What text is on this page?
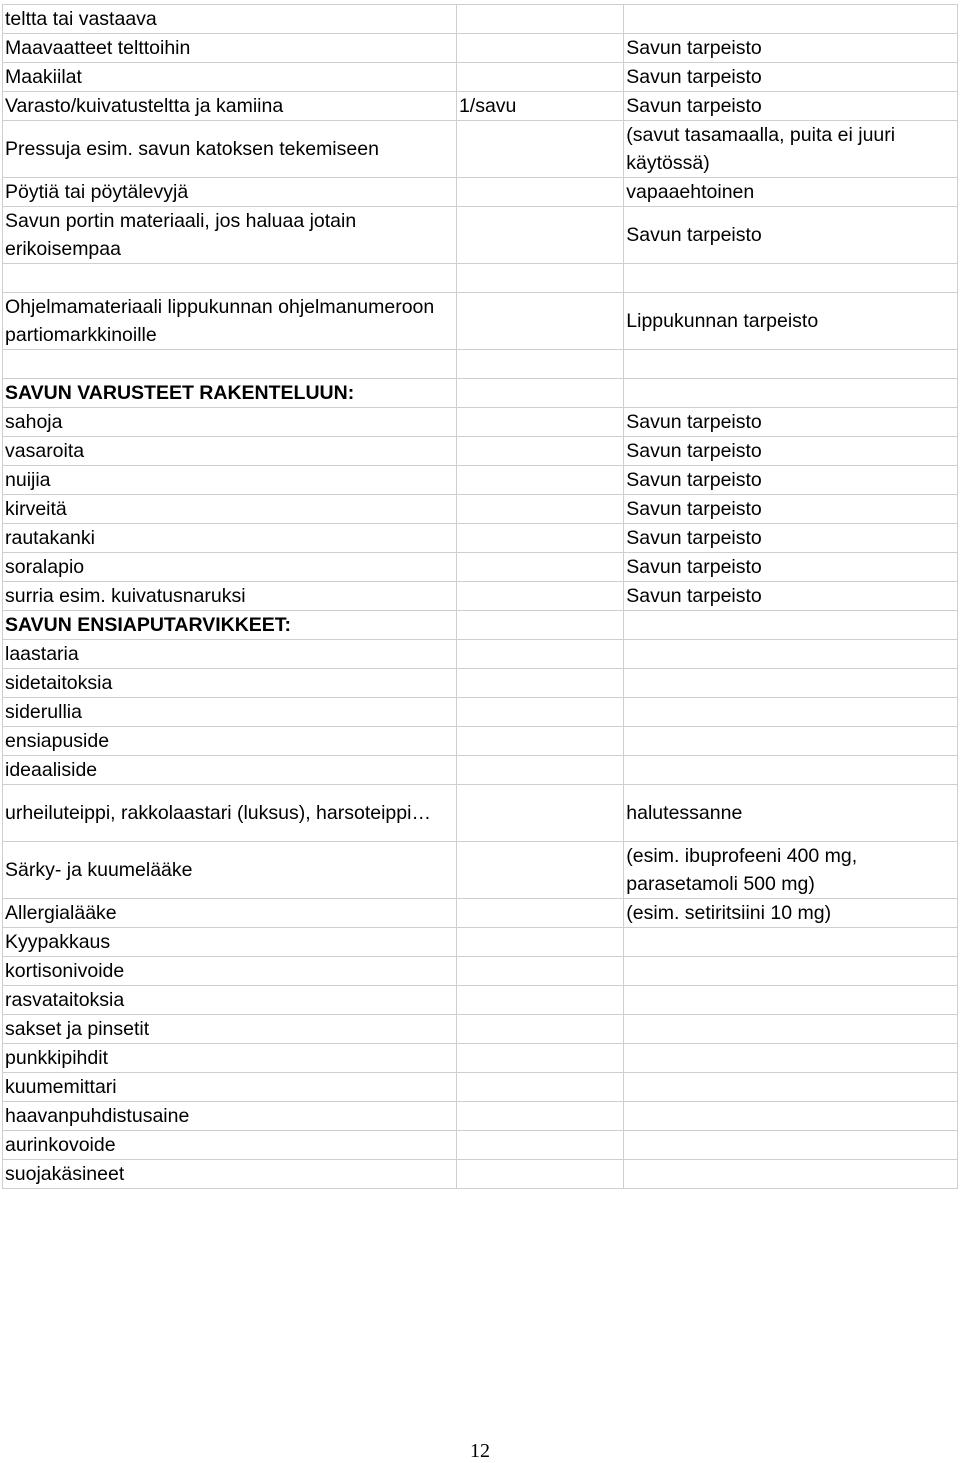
teltta tai vastaava		
Maavaatteet telttoihin		Savun tarpeisto
Maakiilat		Savun tarpeisto
Varasto/kuivatusteltta ja kamiina	1/savu	Savun tarpeisto
Pressuja esim. savun katoksen tekemiseen		(savut tasamaalla, puita ei juuri käytössä)
Pöytiä tai pöytälevyjä		vapaaehtoinen
Savun portin materiaali, jos haluaa jotain erikoisempaa		Savun tarpeisto

Ohjelmamateriaali lippukunnan ohjelmanumeroon partiomarkkinoille		Lippukunnan tarpeisto

SAVUN VARUSTEET RAKENTELUUN:		
sahoja		Savun tarpeisto
vasaroita		Savun tarpeisto
nuijia		Savun tarpeisto
kirveitä		Savun tarpeisto
rautakanki		Savun tarpeisto
soralapio		Savun tarpeisto
surria esim. kuivatusnaruksi		Savun tarpeisto
SAVUN ENSIAPUTARVIKKEET:		
laastaria		
sidetaitoksia		
siderullia		
ensiapuside		
ideaaliside		
urheiluteippi, rakkolaastari (luksus), harsoteippi…		halutessanne
Särky- ja kuumelääke		(esim. ibuprofeeni 400 mg, parasetamoli 500 mg)
Allergialääke		(esim. setiritsiini 10 mg)
Kyypakkaus		
kortisonivoide		
rasvataitoksia		
sakset ja pinsetit		
punkkipihdit		
kuumemittari		
haavanpuhdistusaine		
aurinkovoide		
suojakäsineet		
12
